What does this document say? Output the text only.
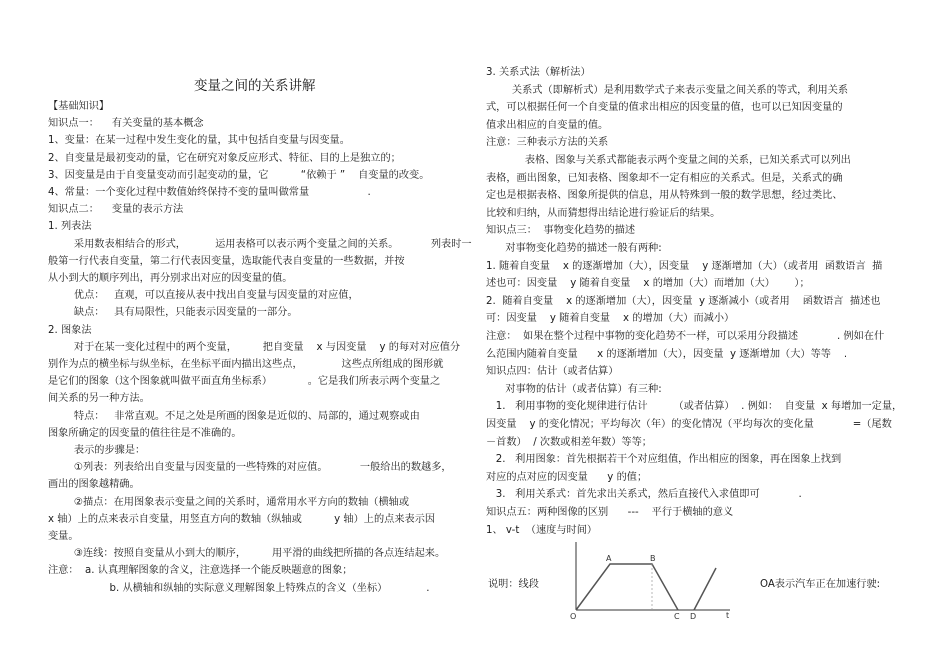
变量之间的关系讲解
【基础知识】
知识点一：    有关变量的基本概念
1、变量：在某一过程中发生变化的量，其中包括自变量与因变量。
2、自变量是最初变动的量，它在研究对象反应形式、特征、目的上是独立的；
3、因变量是由于自变量变动而引起变动的量，它          “依赖于 ”    自变量的改变。
4、常量：一个变化过程中数值始终保持不变的量叫做常量                  .
知识点二：    变量的表示方法
1. 列表法
采用数表相结合的形式，         运用表格可以表示两个变量之间的关系。          列表时一
般第一行代表自变量，第二行代表因变量，选取能代表自变量的一些数据，并按
从小到大的顺序列出，再分别求出对应的因变量的值。
优点：   直观，可以直接从表中找出自变量与因变量的对应值，
缺点：   具有局限性，只能表示因变量的一部分。
2. 图象法
对于在某一变化过程中的两个变量，        把自变量    x 与因变量    y 的每对对应值分
别作为点的横坐标与纵坐标，在坐标平面内描出这些点，            这些点所组成的图形就
是它们的图象（这个图象就叫做平面直角坐标系）           。它是我们所表示两个变量之
间关系的另一种方法。
特点：   非常直观。不足之处是所画的图象是近似的、局部的，通过观察或由
图象所确定的因变量的值往往是不准确的。
表示的步骤是：
①列表：列表给出自变量与因变量的一些特殊的对应值。          一般给出的数越多，
画出的图象越精确。
②描点：在用图象表示变量之间的关系时，通常用水平方向的数轴（横轴或
x 轴）上的点来表示自变量，用竖直方向的数轴（纵轴或          y 轴）上的点来表示因
变量。
③连线：按照自变量从小到大的顺序，        用平滑的曲线把所描的各点连结起来。
注意：  a. 认真理解图象的含义，注意选择一个能反映题意的图象；
b. 从横轴和纵轴的实际意义理解图象上特殊点的含义（坐标）            .
3. 关系式法（解析法）
关系式（即解析式）是利用数学式子来表示变量之间关系的等式，利用关系
式，可以根据任何一个自变量的值求出相应的因变量的值，也可以已知因变量的
值求出相应的自变量的值。
注意：三种表示方法的关系
表格、图象与关系式都能表示两个变量之间的关系，已知关系式可以列出
表格，画出图象，已知表格、图象却不一定有相应的关系式。但是，关系式的确
定也是根据表格、图象所提供的信息，用从特殊到一般的数学思想，经过类比、
比较和归纳，从而猜想得出结论进行验证后的结果。
知识点三：  事物变化趋势的描述
对事物变化趋势的描述一般有两种:
1. 随着自变量    x 的逐渐增加（大），因变量    y 逐渐增加（大）（或者用  函数语言  描
述也可：因变量    y 随着自变量    x 的增加（大）而增加（大）      ）；
2.  随着自变量    x 的逐渐增加（大），因变量  y 逐渐减小（或者用    函数语言  描述也
可：因变量    y 随着自变量    x 的增加（大）而减小）
注意：  如果在整个过程中事物的变化趋势不一样，可以采用分段描述            . 例如在什
么范围内随着自变量      x 的逐渐增加（大），因变量  y 逐渐增加（大）等等    .
知识点四：估计（或者估算）
对事物的估计（或者估算）有三种:
1.   利用事物的变化规律进行估计        （或者估算）  . 例如：  自变量  x 每增加一定量，
因变量    y 的变化情况；平均每次（年）的变化情况（平均每次的变化量            =（尾数
－首数）  / 次数或相差年数）等等；
2.   利用图象：首先根据若干个对应组值，作出相应的图象，再在图象上找到
对应的点对应的因变量      y 的值；
3.   利用关系式：首先求出关系式，然后直接代入求值即可            .
知识点五：两种图像的区别      ---    平行于横轴的意义
1、 v-t  （速度与时间）
说明：线段	OA表示汽车正在加速行驶:
O
A	B
C D	t
